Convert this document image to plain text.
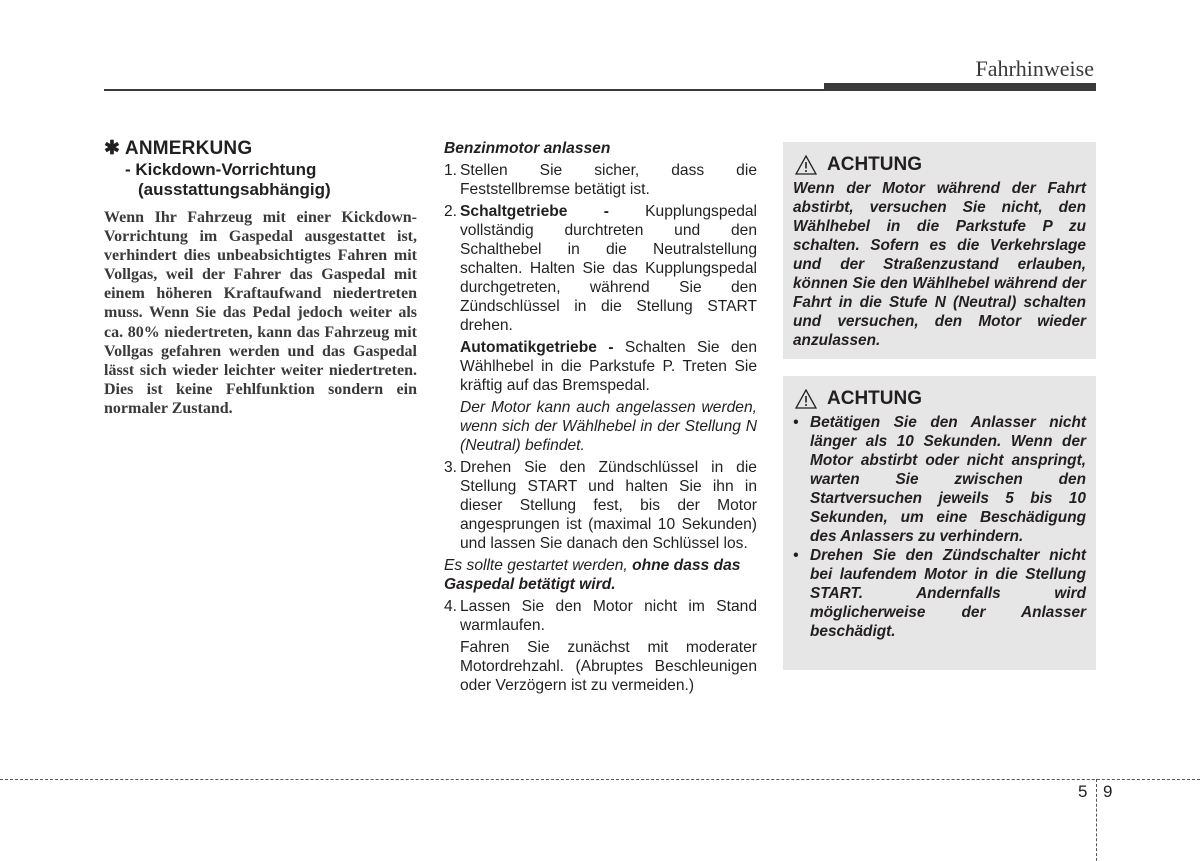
Fahrhinweise
✱ ANMERKUNG
- Kickdown-Vorrichtung
(ausstattungsabhängig)
Wenn Ihr Fahrzeug mit einer Kickdown-Vorrichtung im Gaspedal ausgestattet ist, verhindert dies unbeabsichtigtes Fahren mit Vollgas, weil der Fahrer das Gaspedal mit einem höheren Kraftaufwand niedertreten muss. Wenn Sie das Pedal jedoch weiter als ca. 80% niedertreten, kann das Fahrzeug mit Vollgas gefahren werden und das Gaspedal lässt sich wieder leichter weiter niedertreten. Dies ist keine Fehlfunktion sondern ein normaler Zustand.
Benzinmotor anlassen
1. Stellen Sie sicher, dass die Feststellbremse betätigt ist.
2. Schaltgetriebe - Kupplungspedal vollständig durchtreten und den Schalthebel in die Neutralstellung schalten. Halten Sie das Kupplungspedal durchgetreten, während Sie den Zündschlüssel in die Stellung START drehen.
Automatikgetriebe - Schalten Sie den Wählhebel in die Parkstufe P. Treten Sie kräftig auf das Bremspedal.
Der Motor kann auch angelassen werden, wenn sich der Wählhebel in der Stellung N (Neutral) befindet.
3. Drehen Sie den Zündschlüssel in die Stellung START und halten Sie ihn in dieser Stellung fest, bis der Motor angesprungen ist (maximal 10 Sekunden) und lassen Sie danach den Schlüssel los.
Es sollte gestartet werden, ohne dass das Gaspedal betätigt wird.
4. Lassen Sie den Motor nicht im Stand warmlaufen.
Fahren Sie zunächst mit moderater Motordrehzahl. (Abruptes Beschleunigen oder Verzögern ist zu vermeiden.)
ACHTUNG
Wenn der Motor während der Fahrt abstirbt, versuchen Sie nicht, den Wählhebel in die Parkstufe P zu schalten. Sofern es die Verkehrslage und der Straßenzustand erlauben, können Sie den Wählhebel während der Fahrt in die Stufe N (Neutral) schalten und versuchen, den Motor wieder anzulassen.
ACHTUNG
• Betätigen Sie den Anlasser nicht länger als 10 Sekunden. Wenn der Motor abstirbt oder nicht anspringt, warten Sie zwischen den Startversuchen jeweils 5 bis 10 Sekunden, um eine Beschädigung des Anlassers zu verhindern.
• Drehen Sie den Zündschalter nicht bei laufendem Motor in die Stellung START. Andernfalls wird möglicherweise der Anlasser beschädigt.
5 9
